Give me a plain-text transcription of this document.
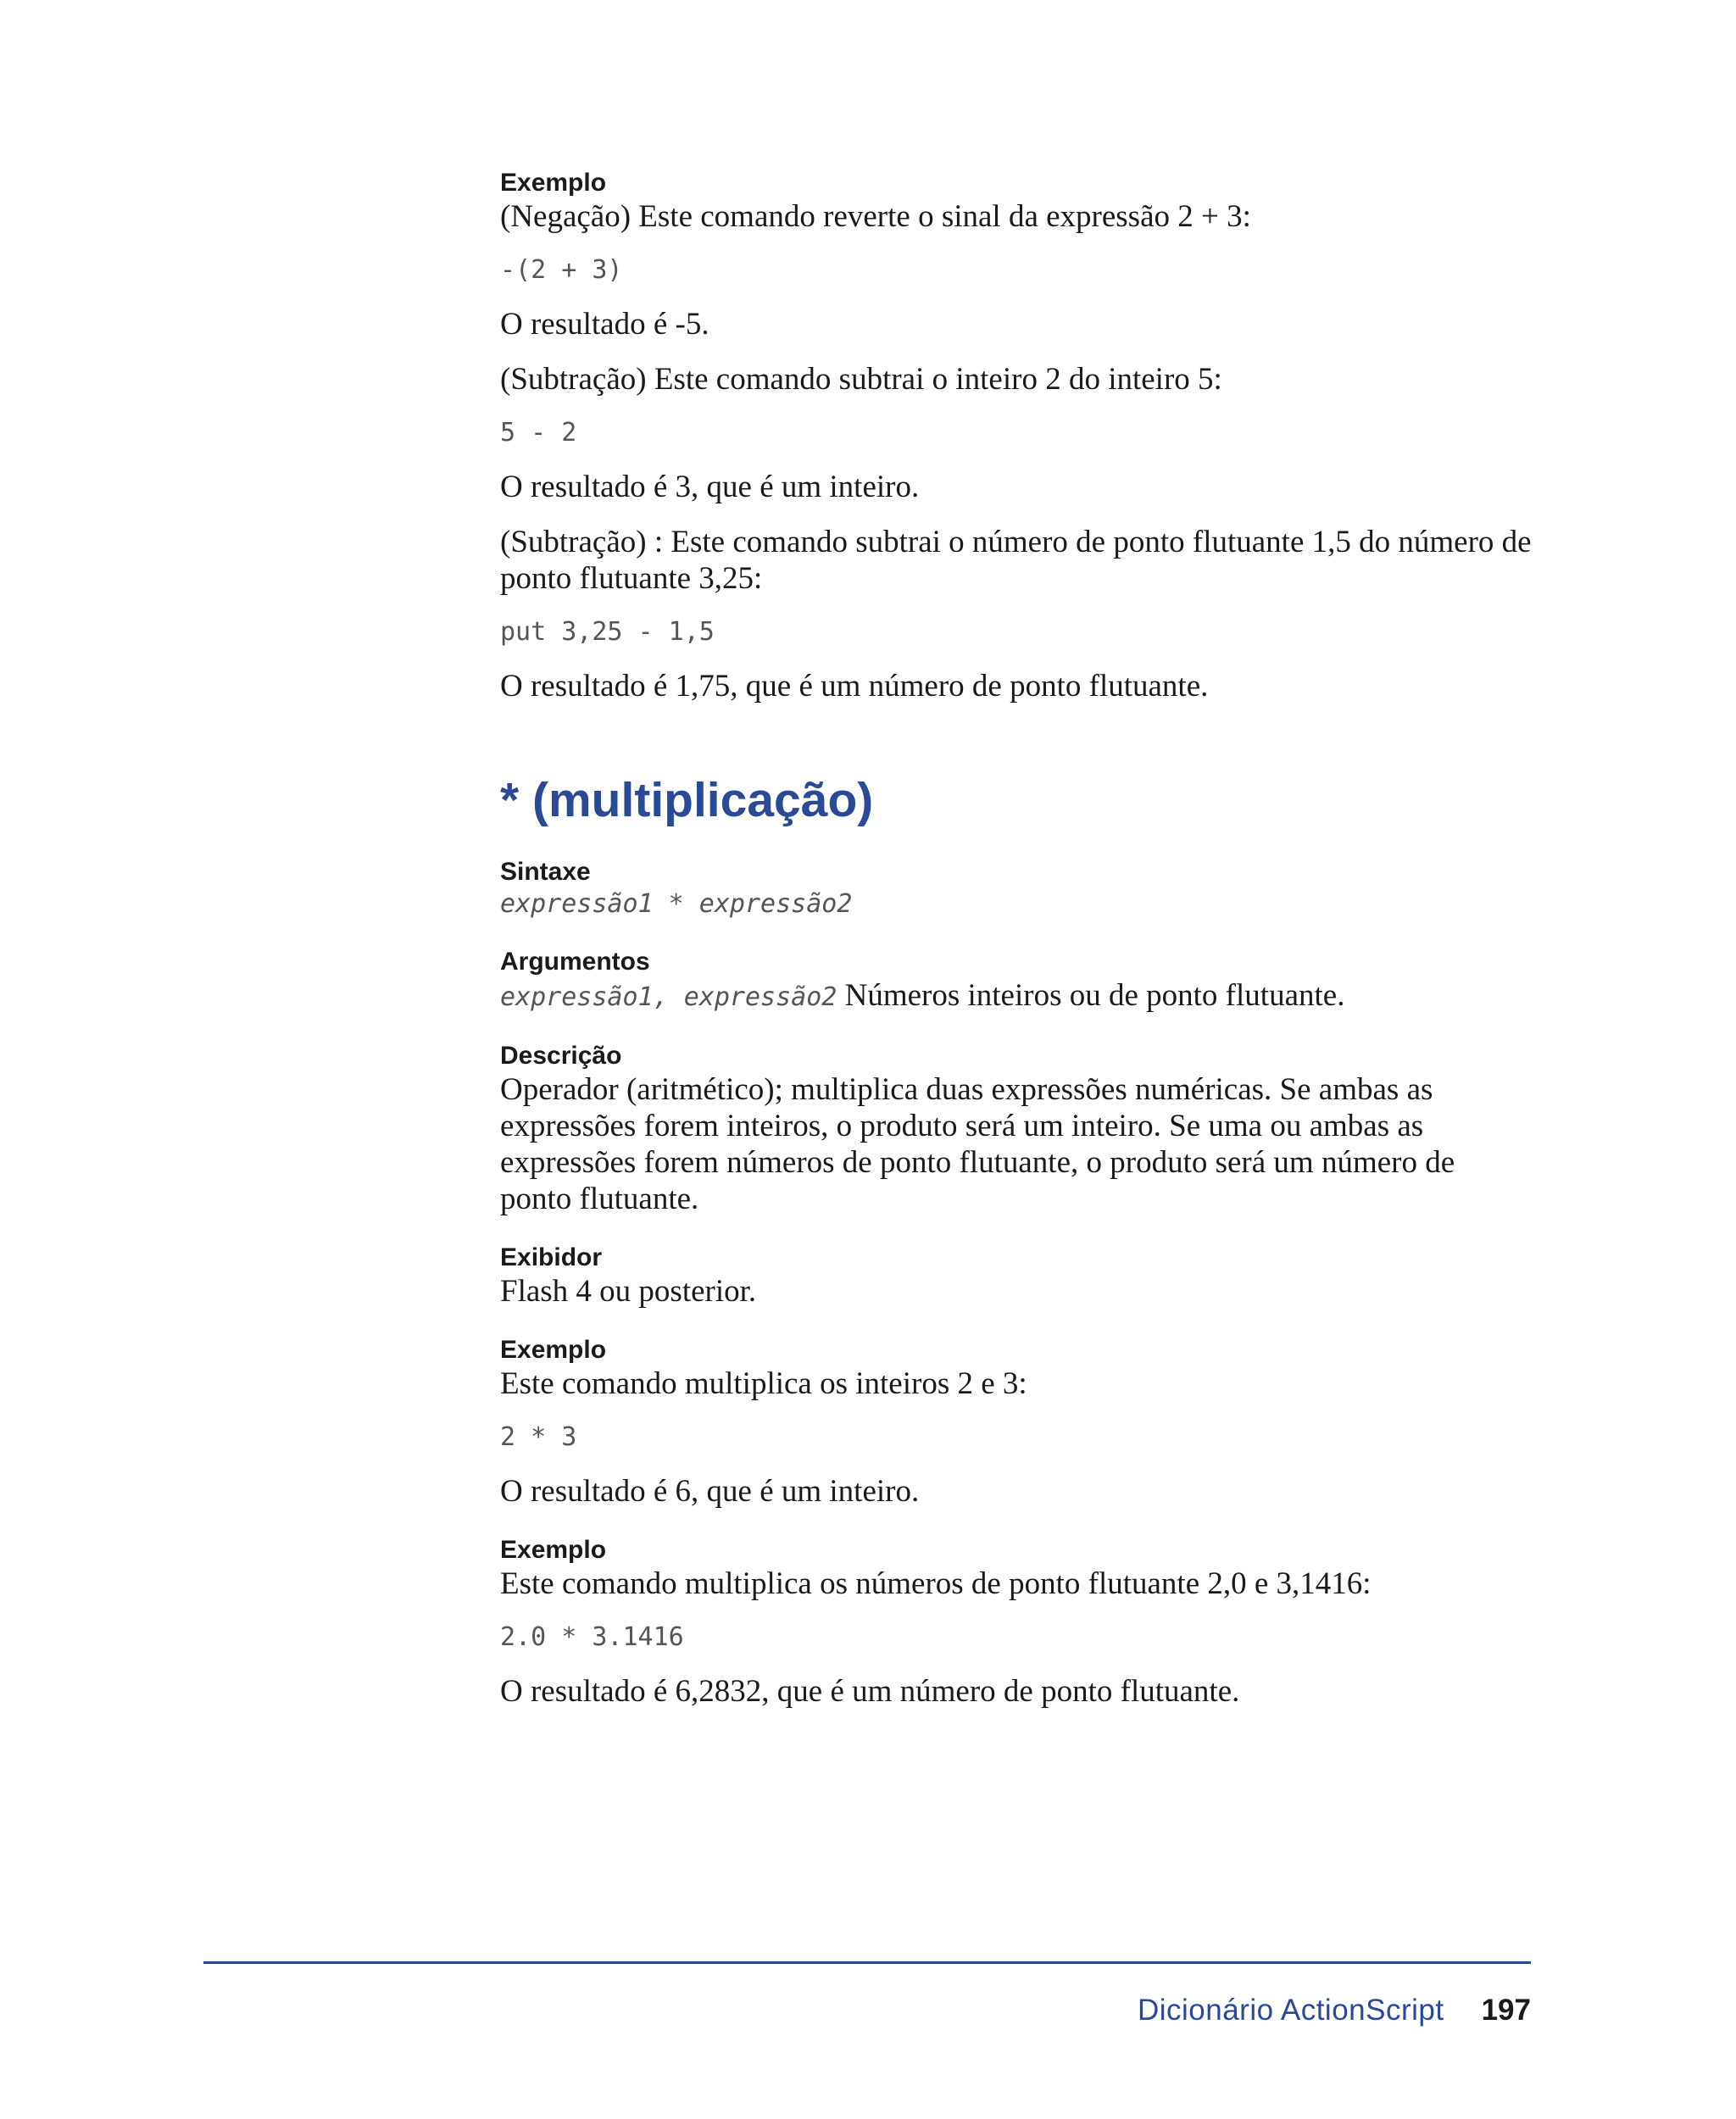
Exemplo

(Negação) Este comando reverte o sinal da expressão 2 + 3:

-(2 + 3)

O resultado é -5.

(Subtração) Este comando subtrai o inteiro 2 do inteiro 5:

5 - 2

O resultado é 3, que é um inteiro.

(Subtração) : Este comando subtrai o número de ponto flutuante 1,5 do número de ponto flutuante 3,25:

put 3,25 - 1,5

O resultado é 1,75, que é um número de ponto flutuante.

* (multiplicação)

Sintaxe

expressão1 * expressão2

Argumentos

expressão1, expressão2 Números inteiros ou de ponto flutuante.

Descrição

Operador (aritmético); multiplica duas expressões numéricas. Se ambas as expressões forem inteiros, o produto será um inteiro. Se uma ou ambas as expressões forem números de ponto flutuante, o produto será um número de ponto flutuante.

Exibidor

Flash 4 ou posterior.

Exemplo

Este comando multiplica os inteiros 2 e 3:

2 * 3

O resultado é 6, que é um inteiro.

Exemplo

Este comando multiplica os números de ponto flutuante 2,0 e 3,1416:

2.0 * 3.1416

O resultado é 6,2832, que é um número de ponto flutuante.

Dicionário ActionScript 197
